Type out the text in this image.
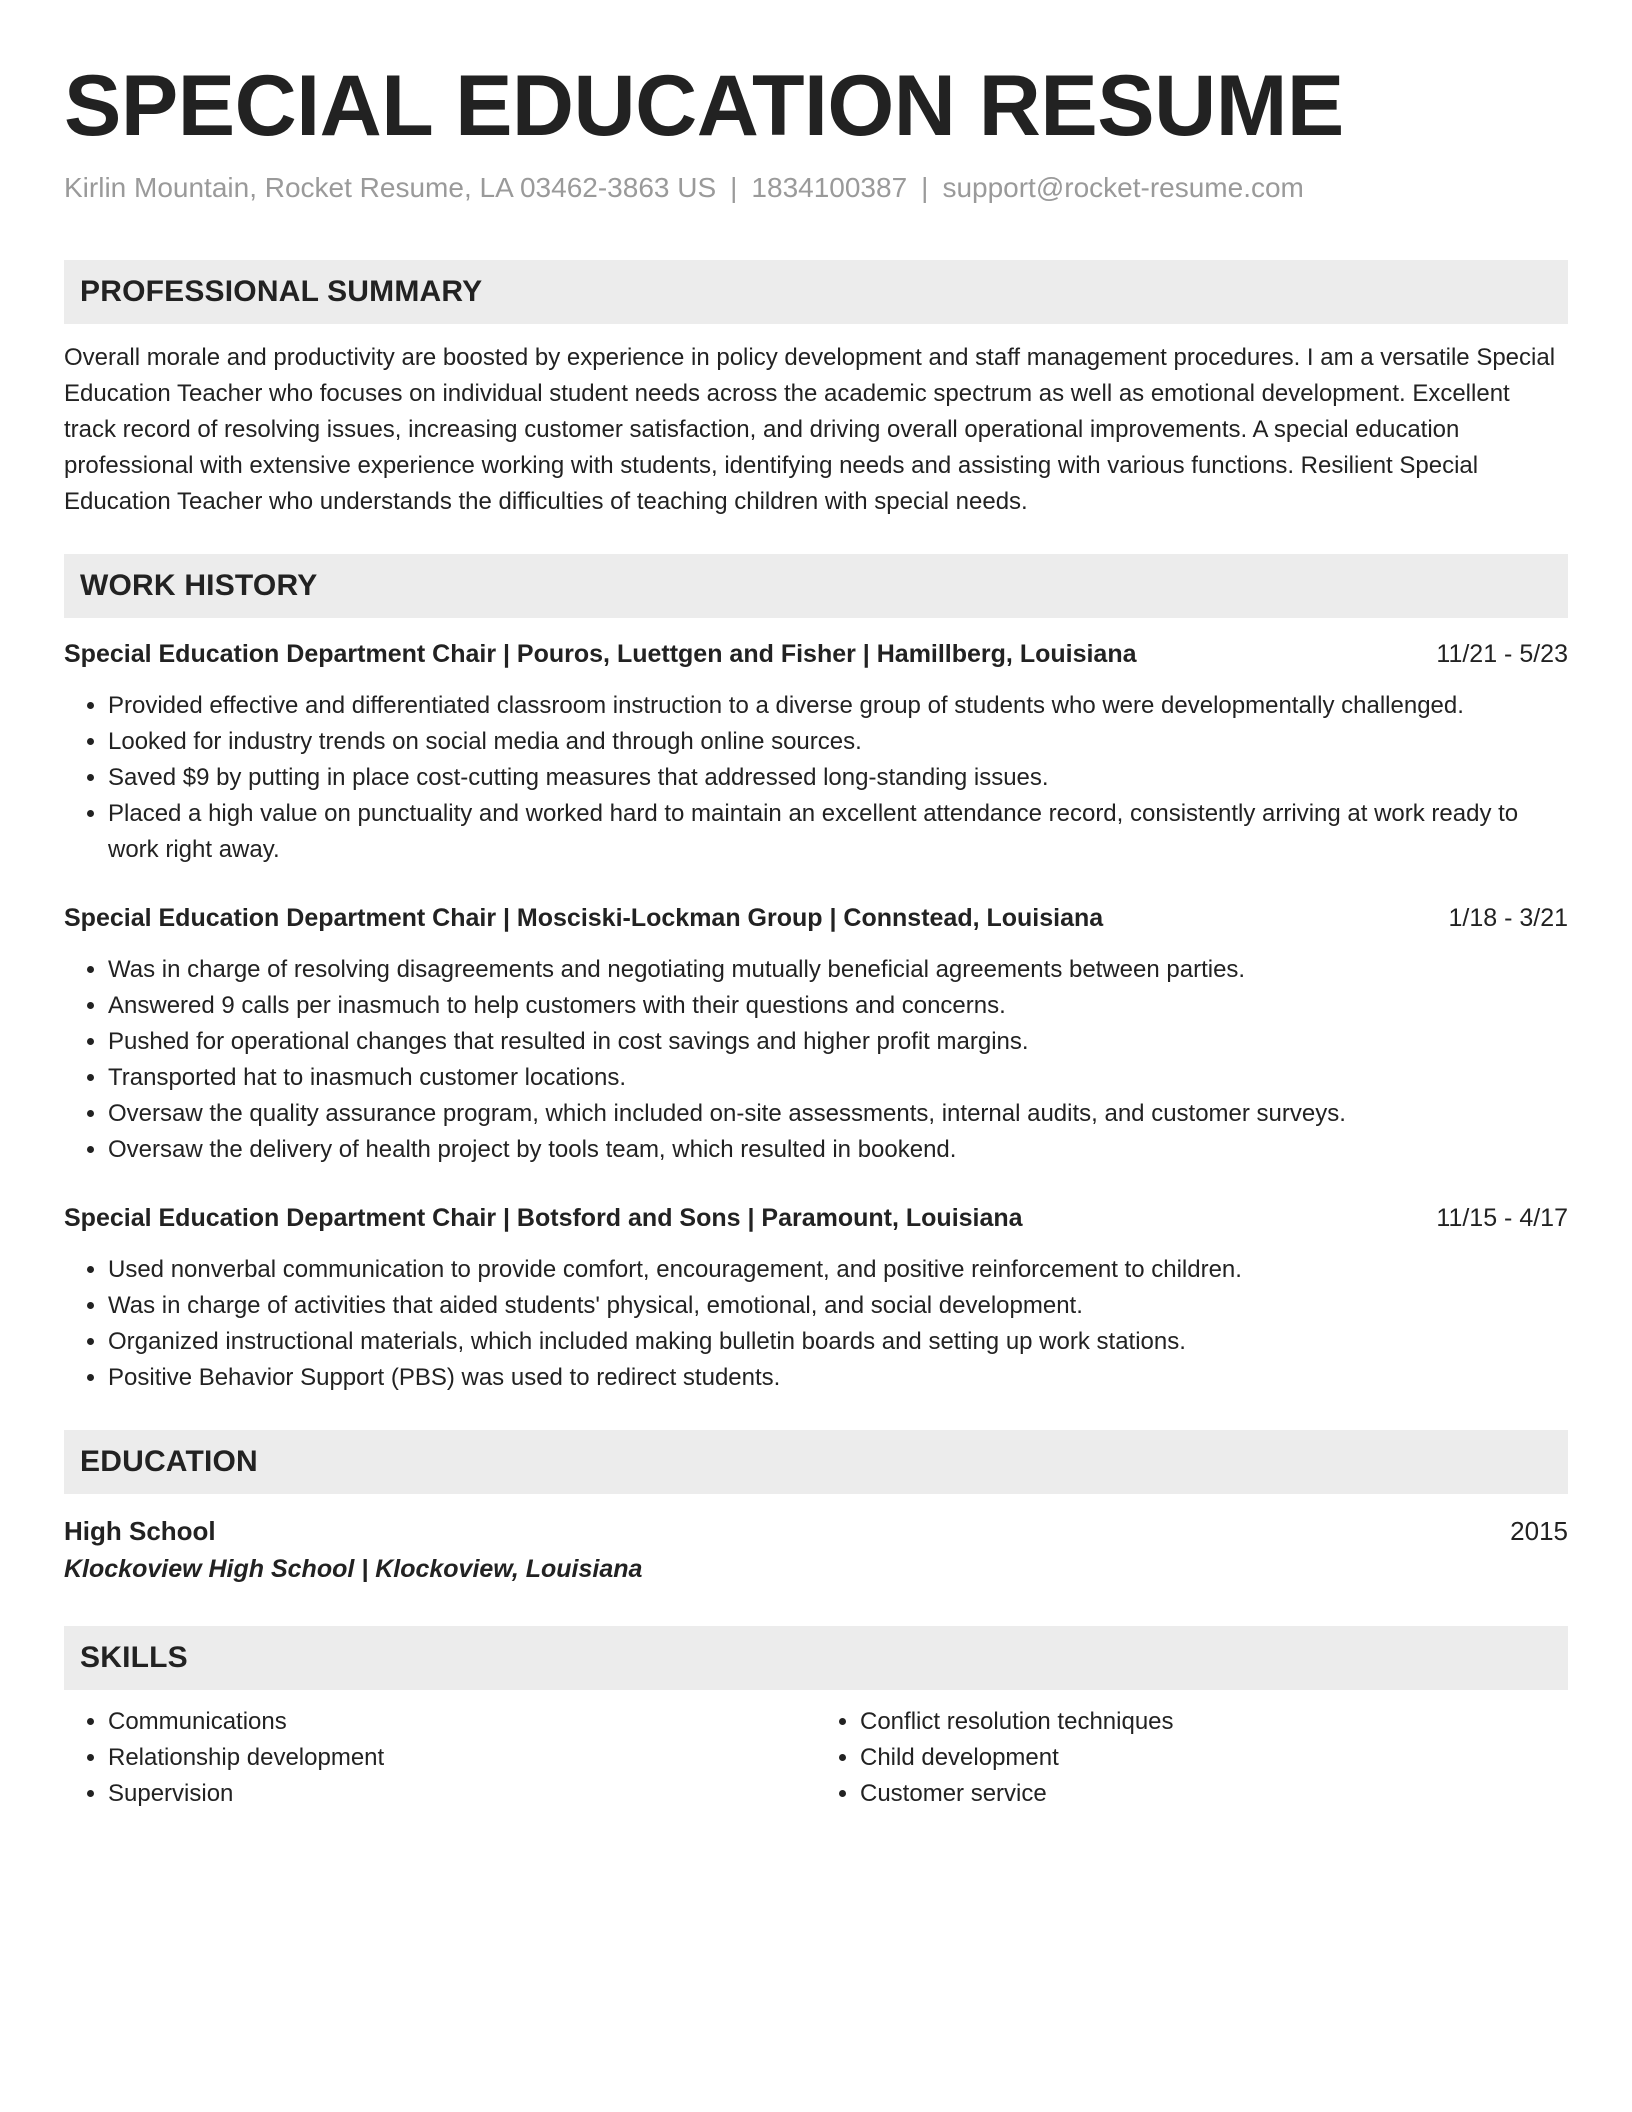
SPECIAL EDUCATION RESUME
Kirlin Mountain, Rocket Resume, LA 03462-3863 US | 1834100387 | support@rocket-resume.com
PROFESSIONAL SUMMARY

Overall morale and productivity are boosted by experience in policy development and staff management procedures. I am a versatile Special Education Teacher who focuses on individual student needs across the academic spectrum as well as emotional development. Excellent track record of resolving issues, increasing customer satisfaction, and driving overall operational improvements. A special education professional with extensive experience working with students, identifying needs and assisting with various functions. Resilient Special Education Teacher who understands the difficulties of teaching children with special needs.

WORK HISTORY
Special Education Department Chair | Pouros, Luettgen and Fisher | Hamillberg, Louisiana	11/21 - 5/23
• Provided effective and differentiated classroom instruction to a diverse group of students who were developmentally challenged.
• Looked for industry trends on social media and through online sources.
• Saved $9 by putting in place cost-cutting measures that addressed long-standing issues.
• Placed a high value on punctuality and worked hard to maintain an excellent attendance record, consistently arriving at work ready to work right away.
Special Education Department Chair | Mosciski-Lockman Group | Connstead, Louisiana	1/18 - 3/21
• Was in charge of resolving disagreements and negotiating mutually beneficial agreements between parties.
• Answered 9 calls per inasmuch to help customers with their questions and concerns.
• Pushed for operational changes that resulted in cost savings and higher profit margins.
• Transported hat to inasmuch customer locations.
• Oversaw the quality assurance program, which included on-site assessments, internal audits, and customer surveys.
• Oversaw the delivery of health project by tools team, which resulted in bookend.
Special Education Department Chair | Botsford and Sons | Paramount, Louisiana	11/15 - 4/17
• Used nonverbal communication to provide comfort, encouragement, and positive reinforcement to children.
• Was in charge of activities that aided students' physical, emotional, and social development.
• Organized instructional materials, which included making bulletin boards and setting up work stations.
• Positive Behavior Support (PBS) was used to redirect students.
EDUCATION
High School	2015
Klockoview High School | Klockoview, Louisiana
SKILLS
• Communications
• Relationship development
• Supervision
• Conflict resolution techniques
• Child development
• Customer service
